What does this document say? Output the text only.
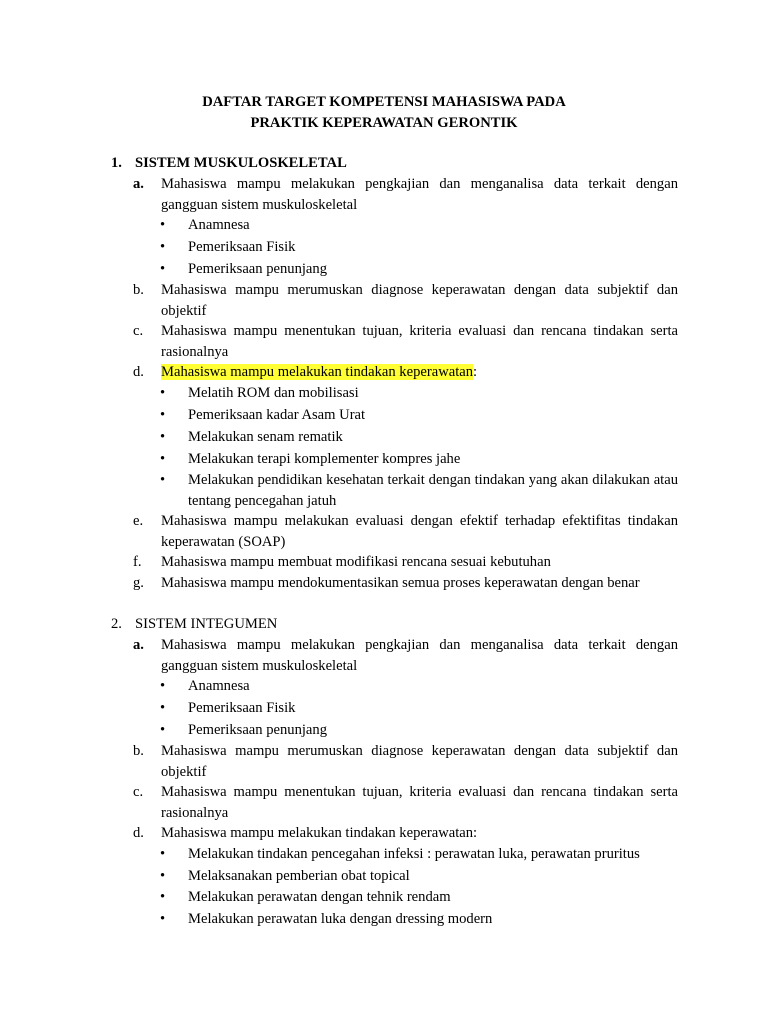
DAFTAR TARGET KOMPETENSI MAHASISWA PADA
PRAKTIK KEPERAWATAN GERONTIK
1. SISTEM MUSKULOSKELETAL
a.	Mahasiswa mampu melakukan pengkajian dan menganalisa data terkait dengan gangguan sistem muskuloskeletal
•	Anamnesa
•	Pemeriksaan Fisik
•	Pemeriksaan penunjang
b.	Mahasiswa mampu merumuskan diagnose keperawatan dengan data subjektif dan objektif
c.	Mahasiswa mampu menentukan tujuan, kriteria evaluasi dan rencana tindakan serta rasionalnya
d.	Mahasiswa mampu melakukan tindakan keperawatan:
•	Melatih ROM dan mobilisasi
•	Pemeriksaan kadar Asam Urat
•	Melakukan senam rematik
•	Melakukan terapi komplementer kompres jahe
•	Melakukan pendidikan kesehatan terkait dengan tindakan yang akan dilakukan atau tentang pencegahan jatuh
e.	Mahasiswa mampu melakukan evaluasi dengan efektif terhadap efektifitas tindakan keperawatan (SOAP)
f.	Mahasiswa mampu membuat modifikasi rencana sesuai kebutuhan
g.	Mahasiswa mampu mendokumentasikan semua proses keperawatan dengan benar
2. SISTEM INTEGUMEN
a.	Mahasiswa mampu melakukan pengkajian dan menganalisa data terkait dengan gangguan sistem muskuloskeletal
•	Anamnesa
•	Pemeriksaan Fisik
•	Pemeriksaan penunjang
b.	Mahasiswa mampu merumuskan diagnose keperawatan dengan data subjektif dan objektif
c.	Mahasiswa mampu menentukan tujuan, kriteria evaluasi dan rencana tindakan serta rasionalnya
d.	Mahasiswa mampu melakukan tindakan keperawatan:
•	Melakukan tindakan pencegahan infeksi : perawatan luka, perawatan pruritus
•	Melaksanakan pemberian obat topical
•	Melakukan perawatan dengan tehnik rendam
•	Melakukan perawatan luka dengan dressing modern
